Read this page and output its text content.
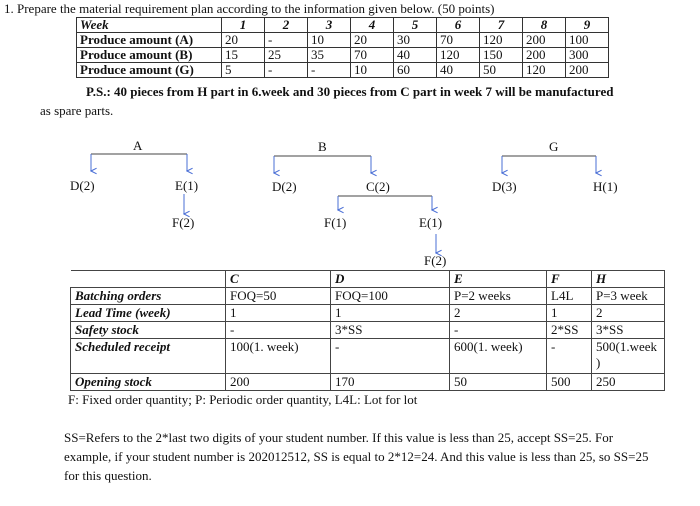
1. Prepare the material requirement plan according to the information given below. (50 points)
Week	1	2	3	4	5	6	7	8	9
Produce amount (A)	20	-	10	20	30	70	120	200	100
Produce amount (B)	15	25	35	70	40	120	150	200	300
Produce amount (G)	5	-	-	10	60	40	50	120	200
P.S.: 40 pieces from H part in 6.week and 30 pieces from C part in week 7 will be manufactured
as spare parts.
A
D(2)	E(1)
F(2)
B
D(2)	C(2)
F(1)	E(1)
F(2)
G
D(3)	H(1)
	C	D	E	F	H
Batching orders	FOQ=50	FOQ=100	P=2 weeks	L4L	P=3 week
Lead Time (week)	1	1	2	1	2
Safety stock	-	3*SS	-	2*SS	3*SS
Scheduled receipt	100(1. week)	-	600(1. week)	-	500(1.week )
Opening stock	200	170	50	500	250
F: Fixed order quantity; P: Periodic order quantity, L4L: Lot for lot
SS=Refers to the 2*last two digits of your student number. If this value is less than 25, accept SS=25. For example, if your student number is 202012512, SS is equal to 2*12=24. And this value is less than 25, so SS=25 for this question.
